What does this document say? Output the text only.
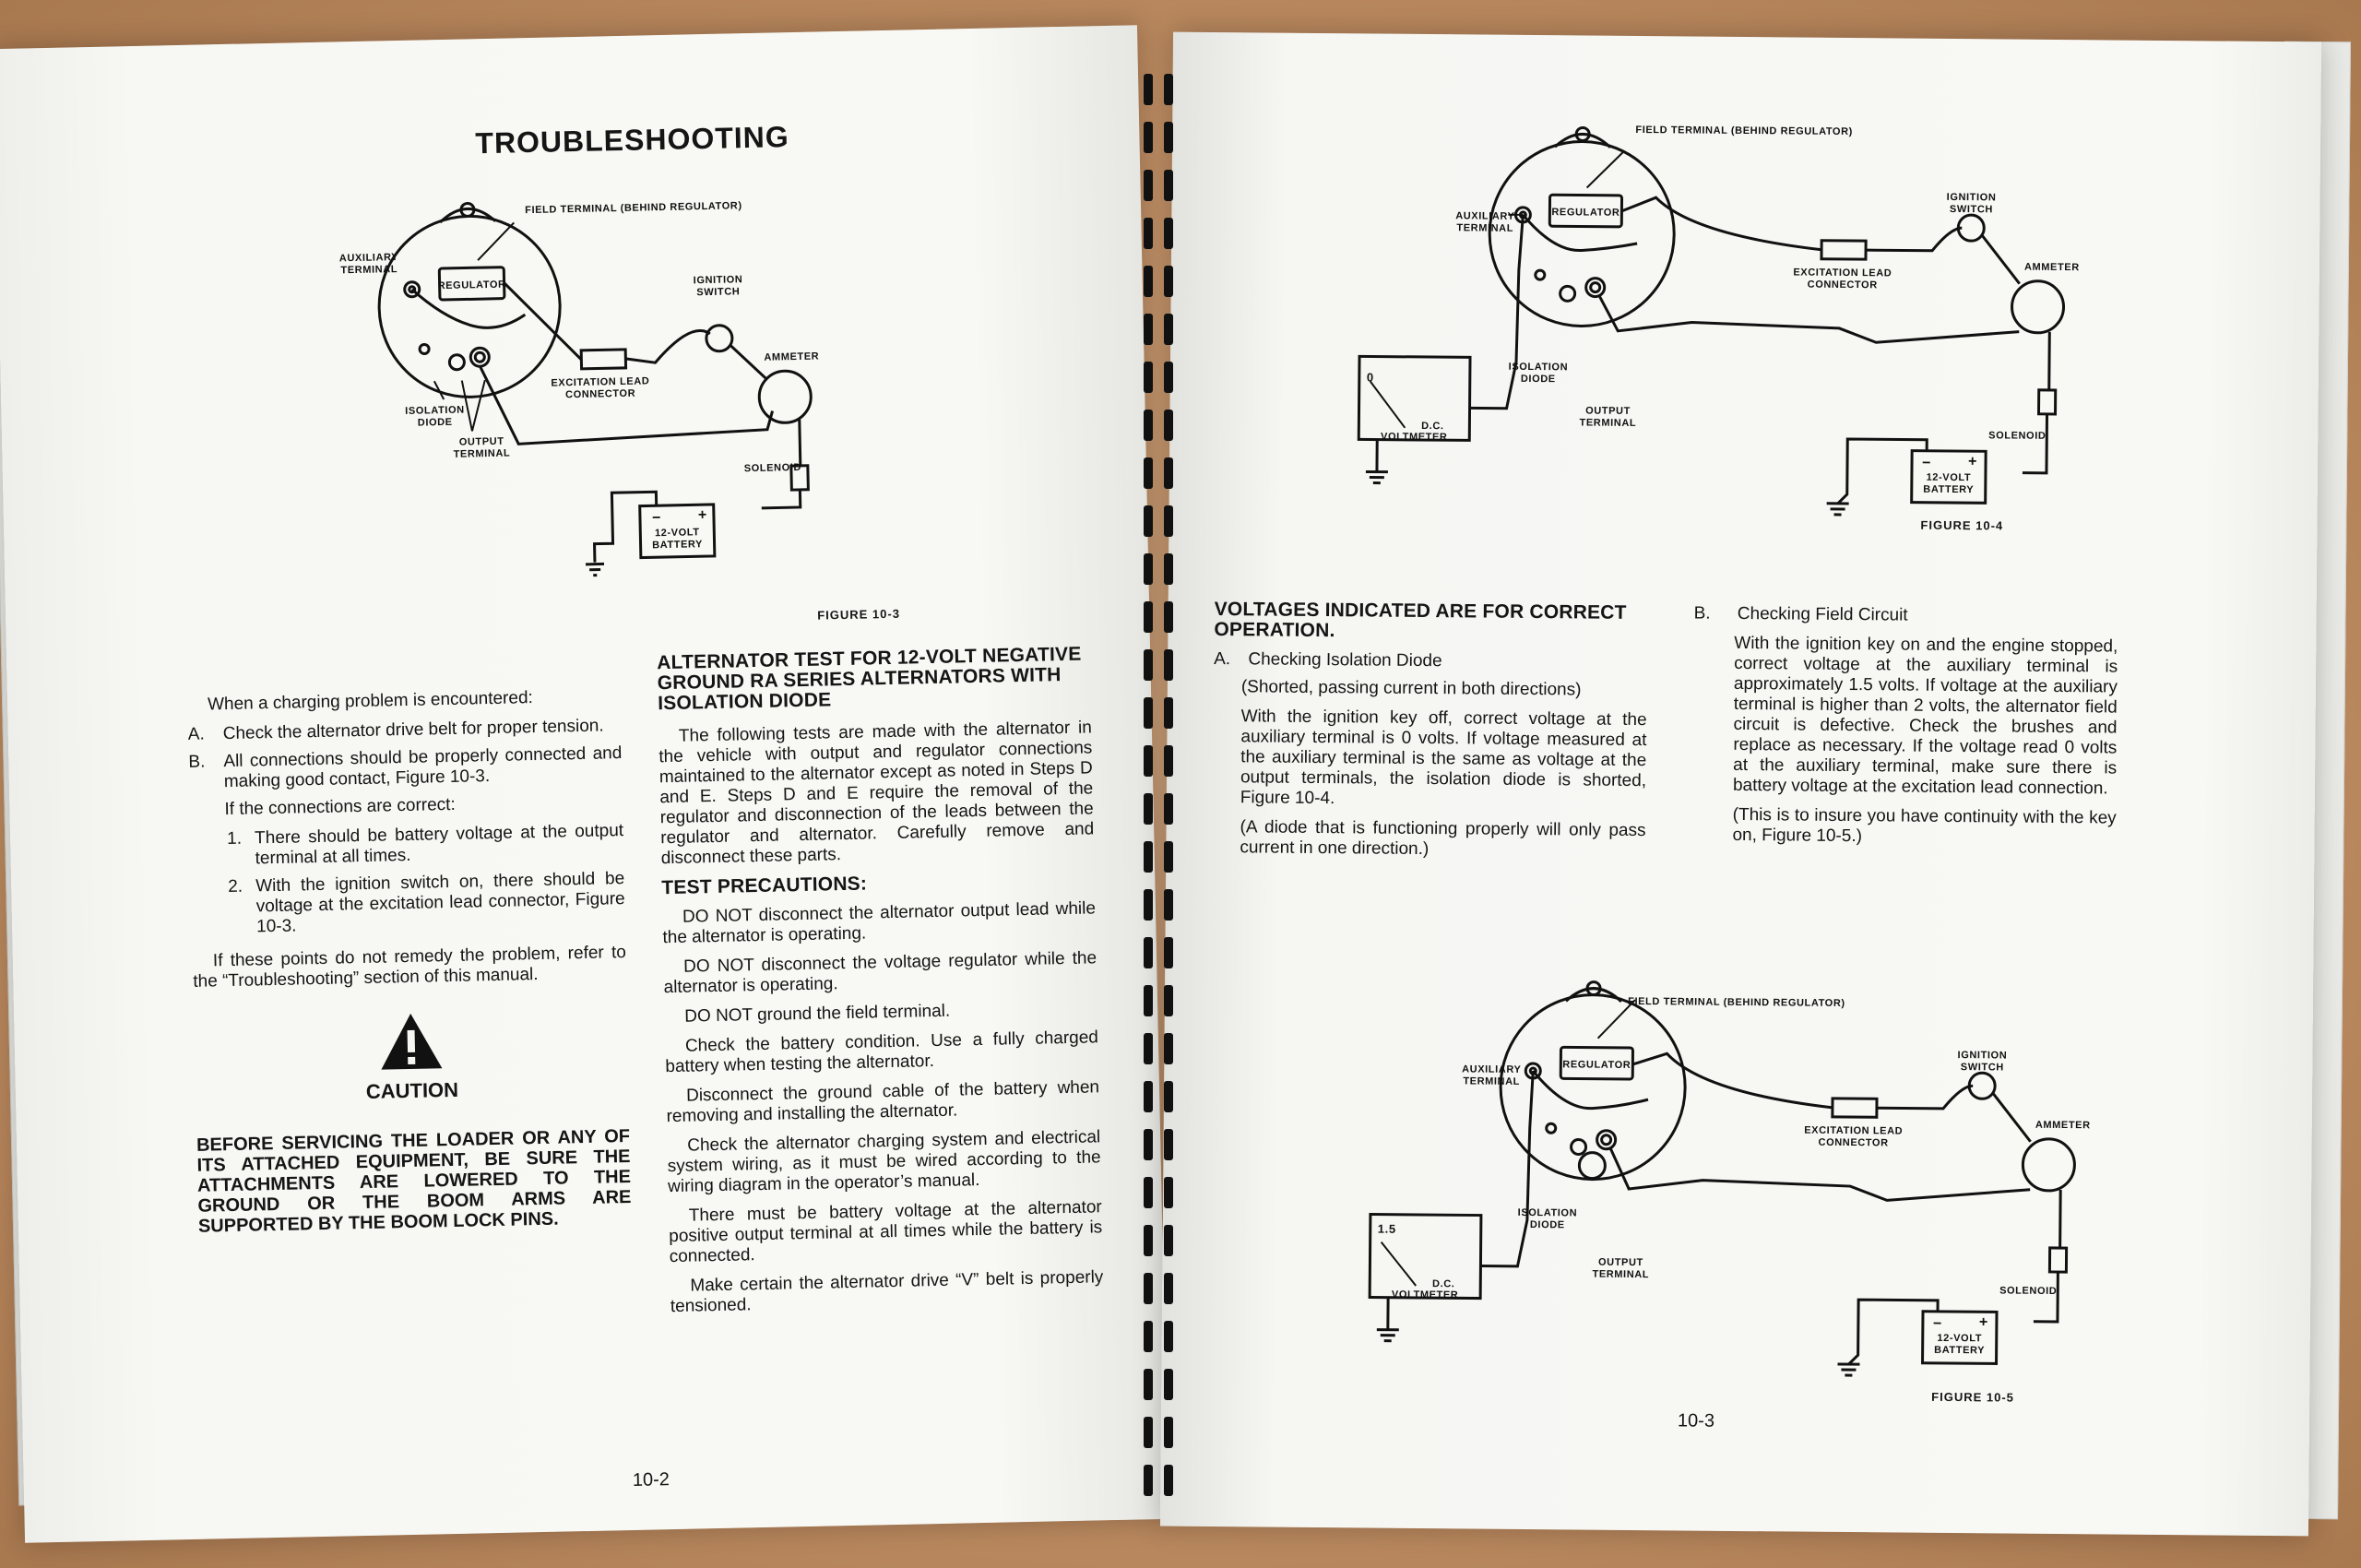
TROUBLESHOOTING
FIELD TERMINAL (BEHIND REGULATOR)
AUXILIARY
TERMINAL
REGULATOR	IGNITION
SWITCH
AMMETER
EXCITATION LEAD
CONNECTOR
ISOLATION
DIODE
OUTPUT
TERMINAL
SOLENOID
12-VOLT
BATTERY
− +
FIGURE 10-3

When a charging problem is encountered:

A. Check the alternator drive belt for proper tension.
B. All connections should be properly connected and making good contact, Figure 10-3.

If the connections are correct:

1. There should be battery voltage at the output terminal at all times.
2. With the ignition switch on, there should be voltage at the excitation lead connector, Figure 10-3.

If these points do not remedy the problem, refer to the “Troubleshooting” section of this manual.

CAUTION

BEFORE SERVICING THE LOADER OR ANY OF ITS ATTACHED EQUIPMENT, BE SURE THE ATTACHMENTS ARE LOWERED TO THE GROUND OR THE BOOM ARMS ARE SUPPORTED BY THE BOOM LOCK PINS.

ALTERNATOR TEST FOR 12-VOLT NEGATIVE GROUND RA SERIES ALTERNATORS WITH ISOLATION DIODE

The following tests are made with the alternator in the vehicle with output and regulator connections maintained to the alternator except as noted in Steps D and E. Steps D and E require the removal of the regulator and disconnection of the leads between the regulator and alternator. Carefully remove and disconnect these parts.

TEST PRECAUTIONS:

DO NOT disconnect the alternator output lead while the alternator is operating.

DO NOT disconnect the voltage regulator while the alternator is operating.

DO NOT ground the field terminal.

Check the battery condition. Use a fully charged battery when testing the alternator.

Disconnect the ground cable of the battery when removing and installing the alternator.

Check the alternator charging system and electrical system wiring, as it must be wired according to the wiring diagram in the operator’s manual.

There must be battery voltage at the alternator positive output terminal at all times while the battery is connected.

Make certain the alternator drive “V” belt is properly tensioned.

10-2
FIELD TERMINAL (BEHIND REGULATOR)
AUXILIARY
TERMINAL
REGULATOR
IGNITION
SWITCH
AMMETER
EXCITATION LEAD
CONNECTOR
ISOLATION
DIODE
OUTPUT
TERMINAL
SOLENOID
12-VOLT
BATTERY
− +
0
D.C.
VOLTMETER
FIGURE 10-4
VOLTAGES INDICATED ARE FOR CORRECT OPERATION.
A. Checking Isolation Diode

(Shorted, passing current in both directions)

With the ignition key off, correct voltage at the auxiliary terminal is 0 volts. If voltage measured at the auxiliary terminal is the same as voltage at the output terminals, the isolation diode is shorted, Figure 10-4.

(A diode that is functioning properly will only pass current in one direction.)

B. Checking Field Circuit

With the ignition key on and the engine stopped, correct voltage at the auxiliary terminal is approximately 1.5 volts. If voltage at the auxiliary terminal is higher than 2 volts, the alternator field circuit is defective. Check the brushes and replace as necessary. If the voltage read 0 volts at the auxiliary terminal, make sure there is battery voltage at the excitation lead connection.

(This is to insure you have continuity with the key on, Figure 10-5.)

FIELD TERMINAL (BEHIND REGULATOR)
AUXILIARY
TERMINAL
REGULATOR
IGNITION
SWITCH
AMMETER
EXCITATION LEAD
CONNECTOR
ISOLATION
DIODE
OUTPUT
TERMINAL
SOLENOID
12-VOLT
BATTERY
− +
1.5
D.C.
VOLTMETER
FIGURE 10-5
10-3
